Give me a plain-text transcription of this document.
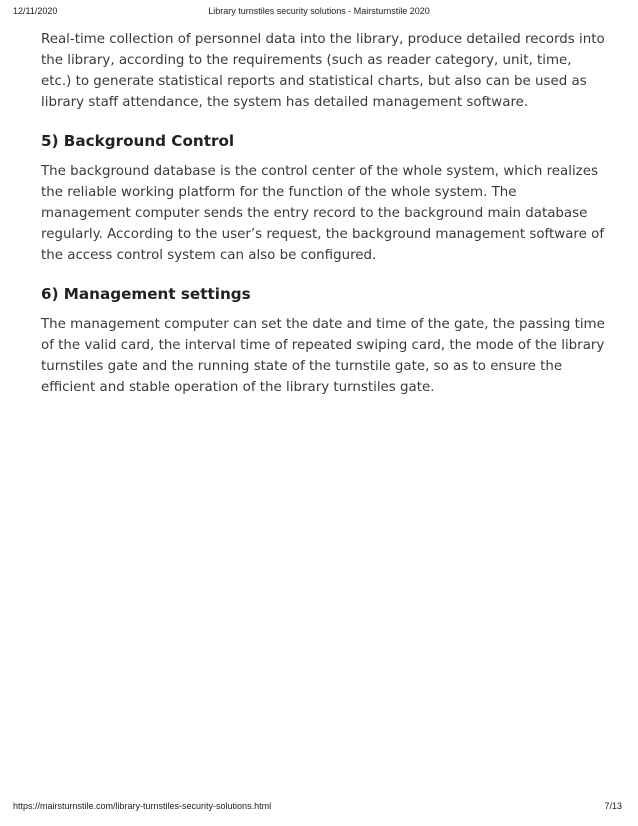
12/11/2020	Library turnstiles security solutions - Mairsturnstile 2020

Real-time collection of personnel data into the library, produce detailed records into the library, according to the requirements (such as reader category, unit, time, etc.) to generate statistical reports and statistical charts, but also can be used as library staff attendance, the system has detailed management software.

5) Background Control

The background database is the control center of the whole system, which realizes the reliable working platform for the function of the whole system. The management computer sends the entry record to the background main database regularly. According to the user’s request, the background management software of the access control system can also be configured.

6) Management settings

The management computer can set the date and time of the gate, the passing time of the valid card, the interval time of repeated swiping card, the mode of the library turnstiles gate and the running state of the turnstile gate, so as to ensure the efficient and stable operation of the library turnstiles gate.

https://mairsturnstile.com/library-turnstiles-security-solutions.html	7/13
